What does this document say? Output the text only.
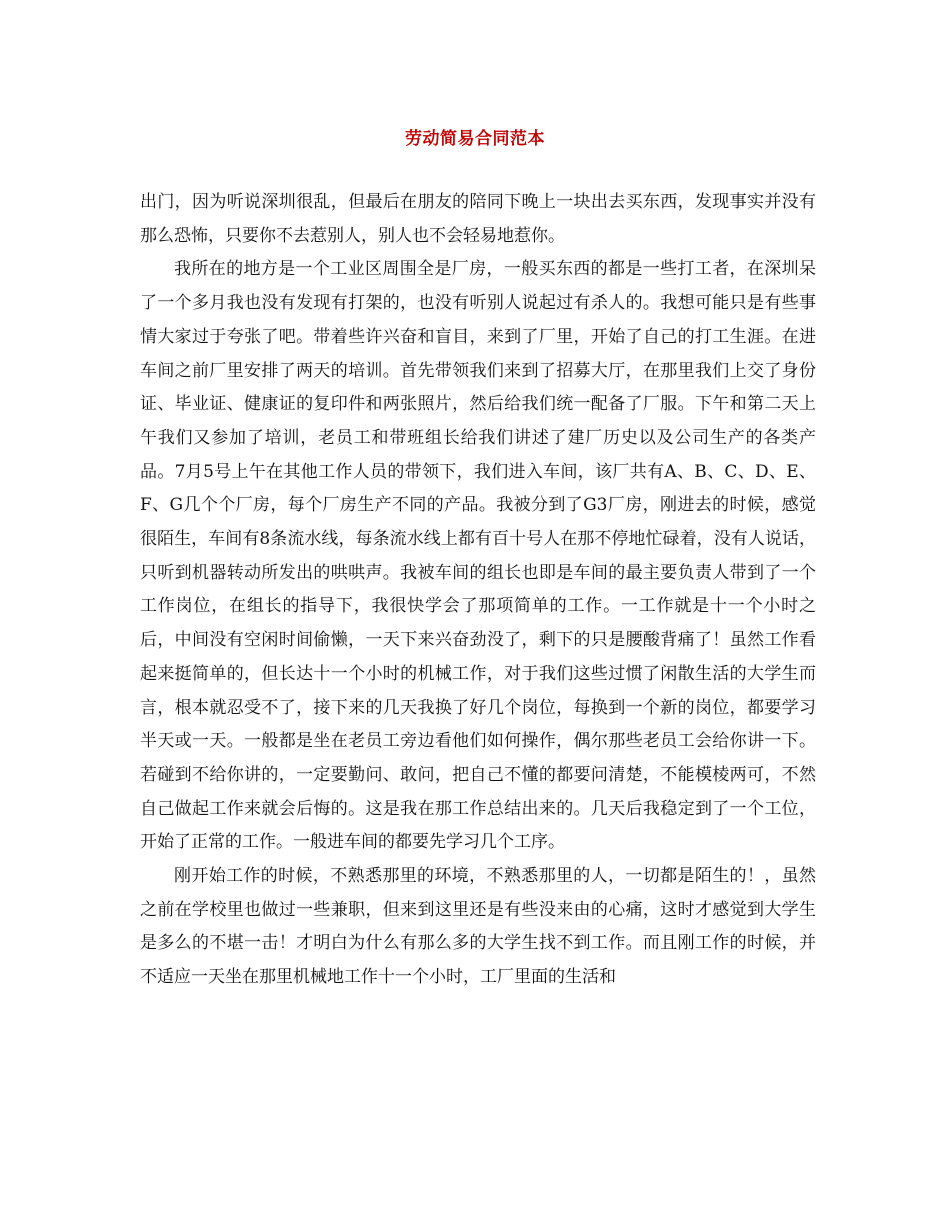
劳动简易合同范本

出门，因为听说深圳很乱，但最后在朋友的陪同下晚上一块出去买东西，发现事实并没有那么恐怖，只要你不去惹别人，别人也不会轻易地惹你。

我所在的地方是一个工业区周围全是厂房，一般买东西的都是一些打工者，在深圳呆了一个多月我也没有发现有打架的，也没有听别人说起过有杀人的。我想可能只是有些事情大家过于夸张了吧。带着些许兴奋和盲目，来到了厂里，开始了自己的打工生涯。在进车间之前厂里安排了两天的培训。首先带领我们来到了招募大厅，在那里我们上交了身份证、毕业证、健康证的复印件和两张照片，然后给我们统一配备了厂服。下午和第二天上午我们又参加了培训，老员工和带班组长给我们讲述了建厂历史以及公司生产的各类产品。7月5号上午在其他工作人员的带领下，我们进入车间，该厂共有A、B、C、D、E、F、G几个个厂房，每个厂房生产不同的产品。我被分到了G3厂房，刚进去的时候，感觉很陌生，车间有8条流水线，每条流水线上都有百十号人在那不停地忙碌着，没有人说话，只听到机器转动所发出的哄哄声。我被车间的组长也即是车间的最主要负责人带到了一个工作岗位，在组长的指导下，我很快学会了那项简单的工作。一工作就是十一个小时之后，中间没有空闲时间偷懒，一天下来兴奋劲没了，剩下的只是腰酸背痛了！虽然工作看起来挺简单的，但长达十一个小时的机械工作，对于我们这些过惯了闲散生活的大学生而言，根本就忍受不了，接下来的几天我换了好几个岗位，每换到一个新的岗位，都要学习半天或一天。一般都是坐在老员工旁边看他们如何操作，偶尔那些老员工会给你讲一下。若碰到不给你讲的，一定要勤问、敢问，把自己不懂的都要问清楚，不能模棱两可，不然自己做起工作来就会后悔的。这是我在那工作总结出来的。几天后我稳定到了一个工位，开始了正常的工作。一般进车间的都要先学习几个工序。

刚开始工作的时候，不熟悉那里的环境，不熟悉那里的人，一切都是陌生的！，虽然之前在学校里也做过一些兼职，但来到这里还是有些没来由的心痛，这时才感觉到大学生是多么的不堪一击！才明白为什么有那么多的大学生找不到工作。而且刚工作的时候，并不适应一天坐在那里机械地工作十一个小时，工厂里面的生活和
